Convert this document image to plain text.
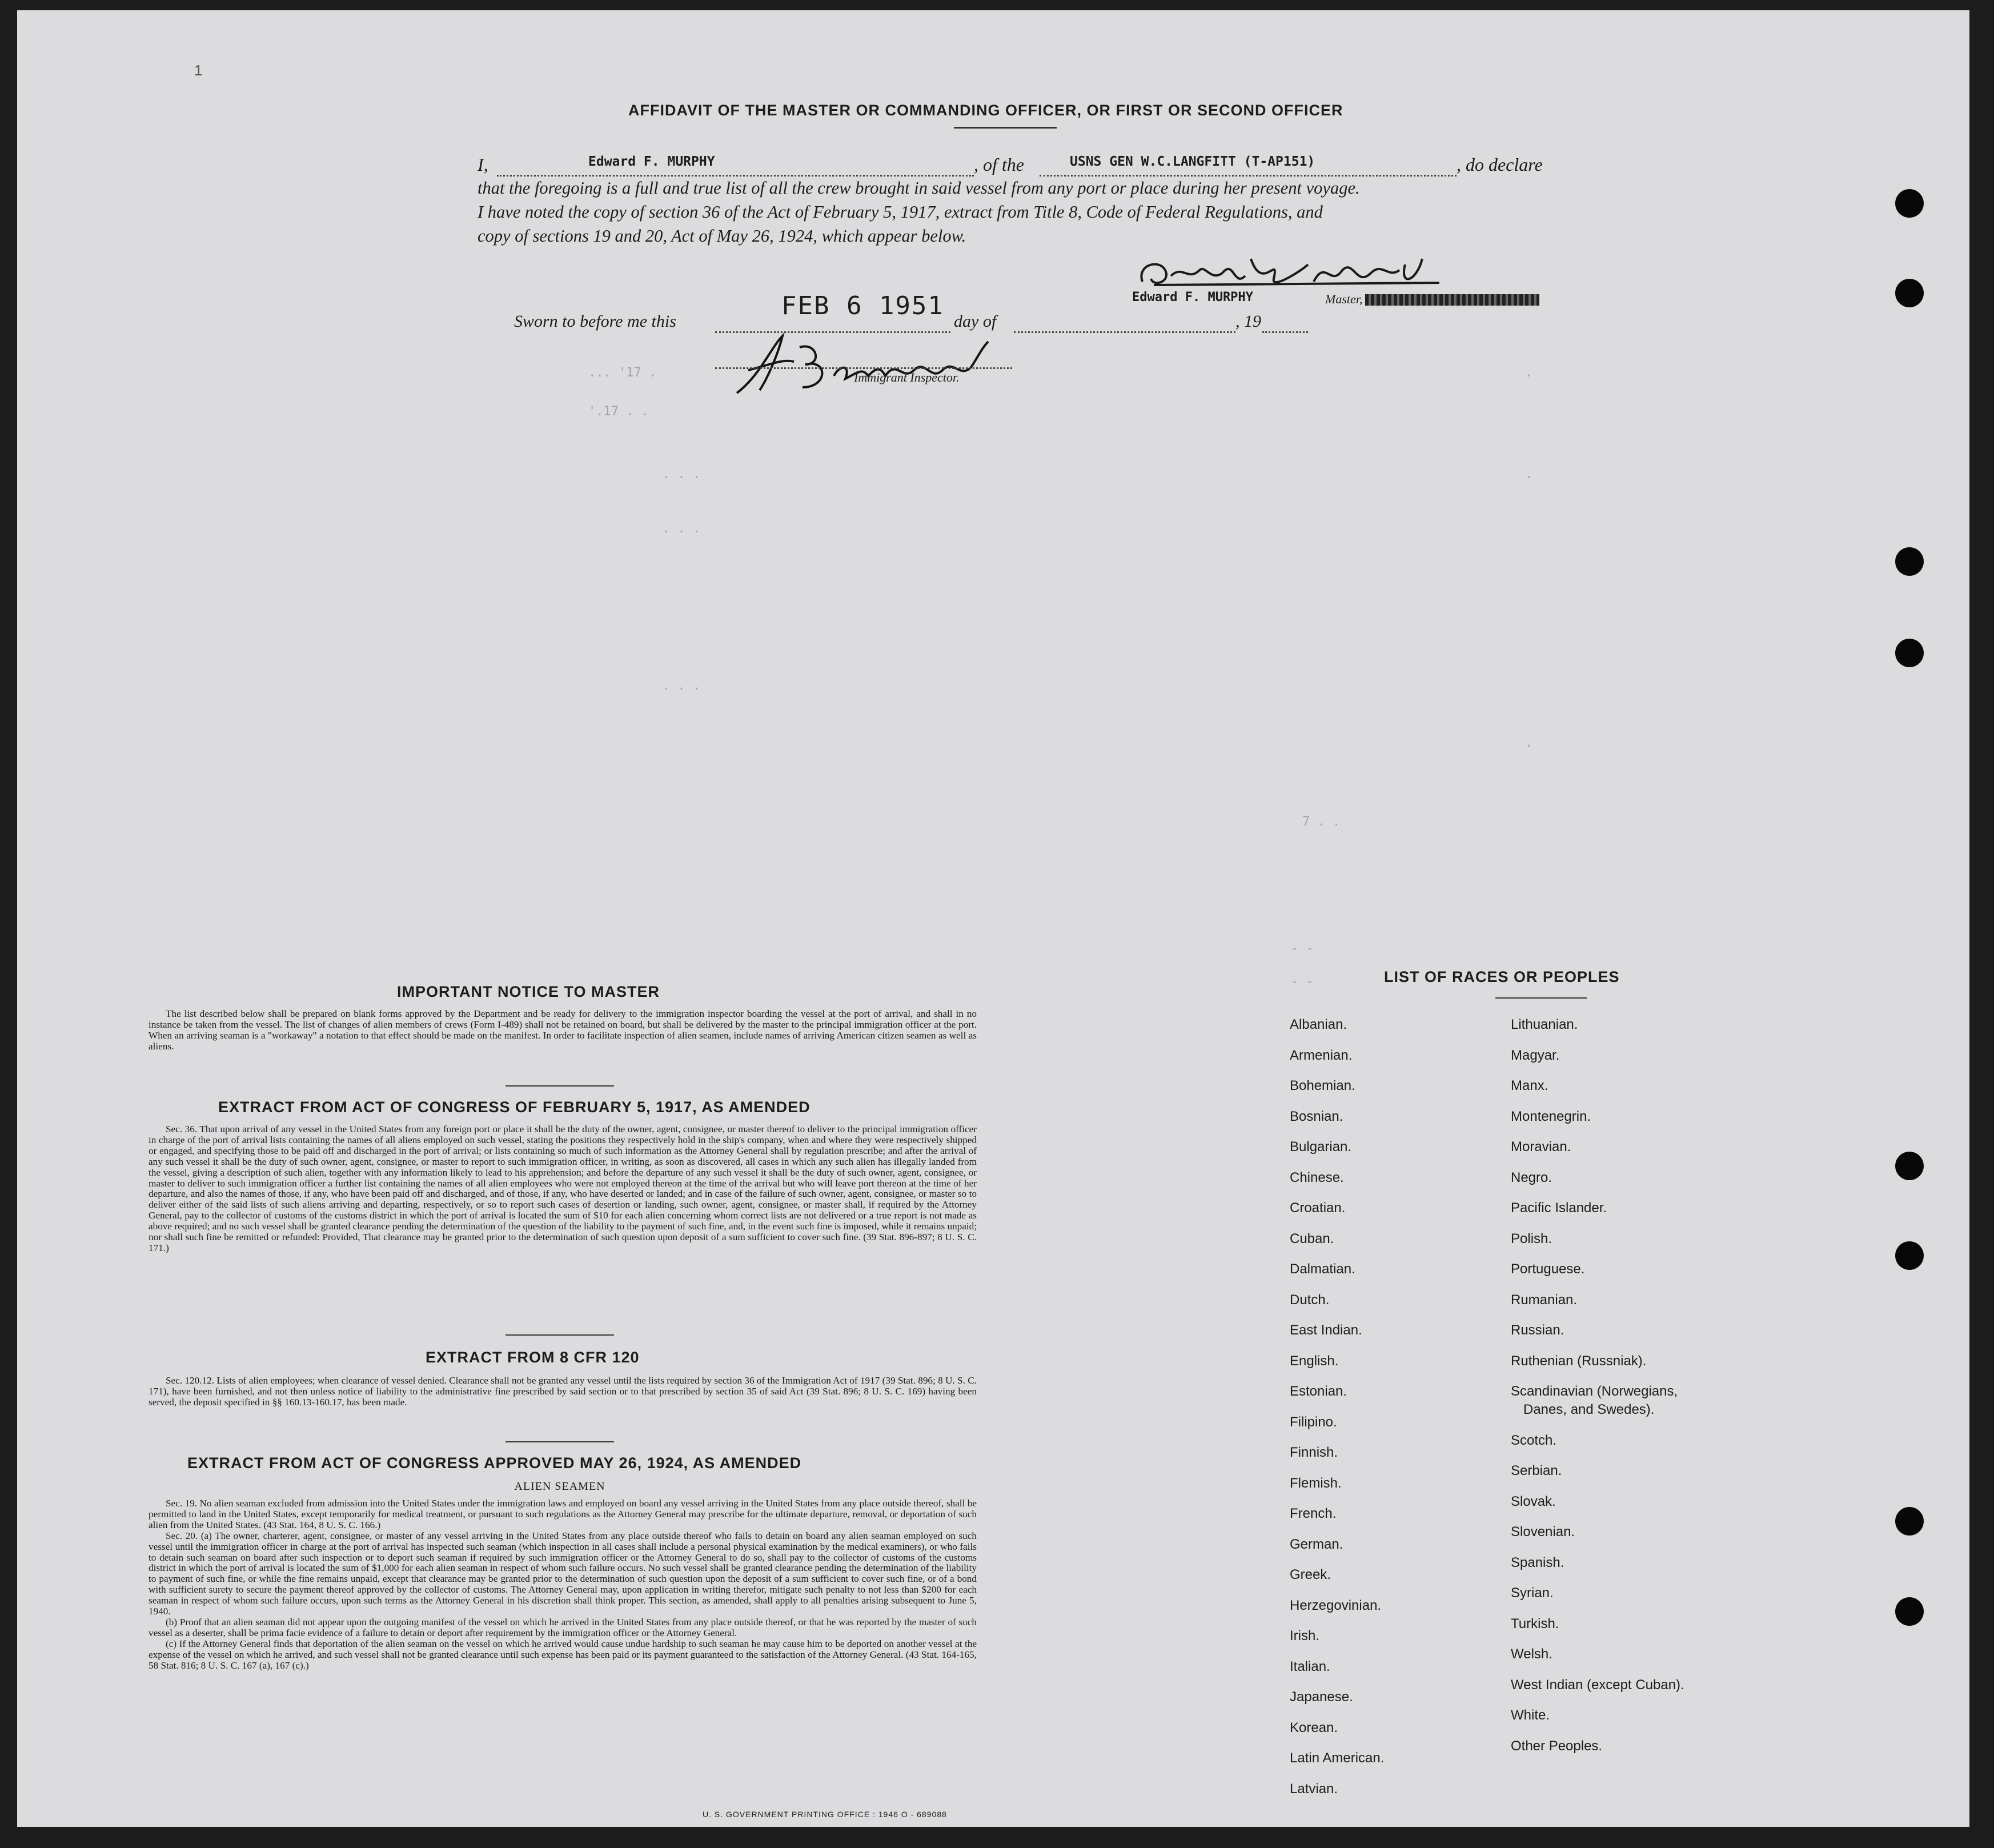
1
AFFIDAVIT OF THE MASTER OR COMMANDING OFFICER, OR FIRST OR SECOND OFFICER
I,	Edward F. MURPHY	, of the	USNS GEN W.C.LANGFITT (T-AP151)	, do declare
that the foregoing is a full and true list of all the crew brought in said vessel from any port or place during her present voyage.
I have noted the copy of section 36 of the Act of February 5, 1917, extract from Title 8, Code of Federal Regulations, and
copy of sections 19 and 20, Act of May 26, 1924, which appear below.
Edward F. MURPHY	Master,
Sworn to before me this
FEB 6 1951
day of	, 19
Immigrant Inspector.
... '17 .
'.17 . .
. . .
. . .
. . .
.
.
.
7 . .
- -
- -
IMPORTANT NOTICE TO MASTER

The list described below shall be prepared on blank forms approved by the Department and be ready for delivery to the immigration inspector boarding the vessel at the port of arrival, and shall in no instance be taken from the vessel. The list of changes of alien members of crews (Form I-489) shall not be retained on board, but shall be delivered by the master to the principal immigration officer at the port. When an arriving seaman is a "workaway" a notation to that effect should be made on the manifest. In order to facilitate inspection of alien seamen, include names of arriving American citizen seamen as well as aliens.

EXTRACT FROM ACT OF CONGRESS OF FEBRUARY 5, 1917, AS AMENDED

Sec. 36. That upon arrival of any vessel in the United States from any foreign port or place it shall be the duty of the owner, agent, consignee, or master thereof to deliver to the principal immigration officer in charge of the port of arrival lists containing the names of all aliens employed on such vessel, stating the positions they respectively hold in the ship's company, when and where they were respectively shipped or engaged, and specifying those to be paid off and discharged in the port of arrival; or lists containing so much of such information as the Attorney General shall by regulation prescribe; and after the arrival of any such vessel it shall be the duty of such owner, agent, consignee, or master to report to such immigration officer, in writing, as soon as discovered, all cases in which any such alien has illegally landed from the vessel, giving a description of such alien, together with any information likely to lead to his apprehension; and before the departure of any such vessel it shall be the duty of such owner, agent, consignee, or master to deliver to such immigration officer a further list containing the names of all alien employees who were not employed thereon at the time of the arrival but who will leave port thereon at the time of her departure, and also the names of those, if any, who have been paid off and discharged, and of those, if any, who have deserted or landed; and in case of the failure of such owner, agent, consignee, or master so to deliver either of the said lists of such aliens arriving and departing, respectively, or so to report such cases of desertion or landing, such owner, agent, consignee, or master shall, if required by the Attorney General, pay to the collector of customs of the customs district in which the port of arrival is located the sum of $10 for each alien concerning whom correct lists are not delivered or a true report is not made as above required; and no such vessel shall be granted clearance pending the determination of the question of the liability to the payment of such fine, and, in the event such fine is imposed, while it remains unpaid; nor shall such fine be remitted or refunded: Provided, That clearance may be granted prior to the determination of such question upon deposit of a sum sufficient to cover such fine. (39 Stat. 896-897; 8 U. S. C. 171.)

EXTRACT FROM 8 CFR 120

Sec. 120.12. Lists of alien employees; when clearance of vessel denied. Clearance shall not be granted any vessel until the lists required by section 36 of the Immigration Act of 1917 (39 Stat. 896; 8 U. S. C. 171), have been furnished, and not then unless notice of liability to the administrative fine prescribed by said section or to that prescribed by section 35 of said Act (39 Stat. 896; 8 U. S. C. 169) having been served, the deposit specified in §§ 160.13-160.17, has been made.

EXTRACT FROM ACT OF CONGRESS APPROVED MAY 26, 1924, AS AMENDED
ALIEN SEAMEN

Sec. 19. No alien seaman excluded from admission into the United States under the immigration laws and employed on board any vessel arriving in the United States from any place outside thereof, shall be permitted to land in the United States, except temporarily for medical treatment, or pursuant to such regulations as the Attorney General may prescribe for the ultimate departure, removal, or deportation of such alien from the United States. (43 Stat. 164, 8 U. S. C. 166.)

Sec. 20. (a) The owner, charterer, agent, consignee, or master of any vessel arriving in the United States from any place outside thereof who fails to detain on board any alien seaman employed on such vessel until the immigration officer in charge at the port of arrival has inspected such seaman (which inspection in all cases shall include a personal physical examination by the medical examiners), or who fails to detain such seaman on board after such inspection or to deport such seaman if required by such immigration officer or the Attorney General to do so, shall pay to the collector of customs of the customs district in which the port of arrival is located the sum of $1,000 for each alien seaman in respect of whom such failure occurs. No such vessel shall be granted clearance pending the determination of the liability to payment of such fine, or while the fine remains unpaid, except that clearance may be granted prior to the determination of such question upon the deposit of a sum sufficient to cover such fine, or of a bond with sufficient surety to secure the payment thereof approved by the collector of customs. The Attorney General may, upon application in writing therefor, mitigate such penalty to not less than $200 for each seaman in respect of whom such failure occurs, upon such terms as the Attorney General in his discretion shall think proper. This section, as amended, shall apply to all penalties arising subsequent to June 5, 1940.

(b) Proof that an alien seaman did not appear upon the outgoing manifest of the vessel on which he arrived in the United States from any place outside thereof, or that he was reported by the master of such vessel as a deserter, shall be prima facie evidence of a failure to detain or deport after requirement by the immigration officer or the Attorney General.

(c) If the Attorney General finds that deportation of the alien seaman on the vessel on which he arrived would cause undue hardship to such seaman he may cause him to be deported on another vessel at the expense of the vessel on which he arrived, and such vessel shall not be granted clearance until such expense has been paid or its payment guaranteed to the satisfaction of the Attorney General. (43 Stat. 164-165, 58 Stat. 816; 8 U. S. C. 167 (a), 167 (c).)

U. S. GOVERNMENT PRINTING OFFICE : 1946 O - 689088
LIST OF RACES OR PEOPLES
Albanian.
Armenian.
Bohemian.
Bosnian.
Bulgarian.
Chinese.
Croatian.
Cuban.
Dalmatian.
Dutch.
East Indian.
English.
Estonian.
Filipino.
Finnish.
Flemish.
French.
German.
Greek.
Herzegovinian.
Irish.
Italian.
Japanese.
Korean.
Latin American.
Latvian.
Lithuanian.
Magyar.
Manx.
Montenegrin.
Moravian.
Negro.
Pacific Islander.
Polish.
Portuguese.
Rumanian.
Russian.
Ruthenian (Russniak).
Scandinavian (Norwegians,
Danes, and Swedes).
Scotch.
Serbian.
Slovak.
Slovenian.
Spanish.
Syrian.
Turkish.
Welsh.
West Indian (except Cuban).
White.
Other Peoples.
